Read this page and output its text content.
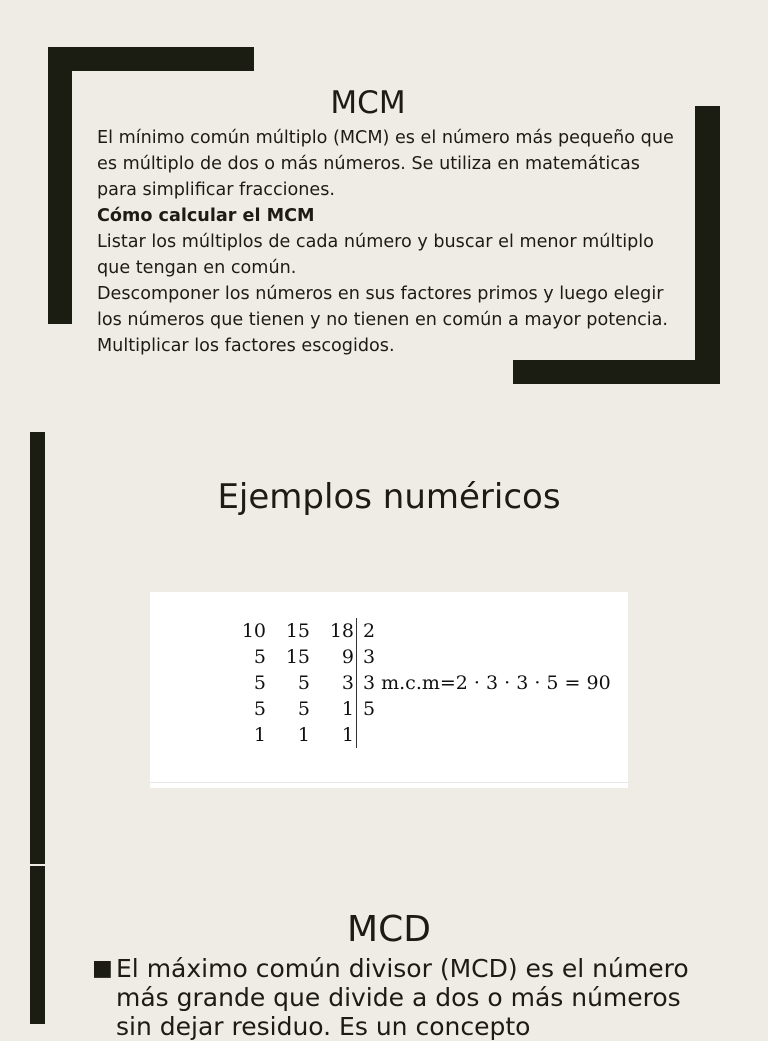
MCM

El mínimo común múltiplo (MCM) es el número más pequeño que es múltiplo de dos o más números. Se utiliza en matemáticas para simplificar fracciones.

Cómo calcular el MCM

Listar los múltiplos de cada número y buscar el menor múltiplo que tengan en común.

Descomponer los números en sus factores primos y luego elegir los números que tienen y no tienen en común a mayor potencia.

Multiplicar los factores escogidos.

Ejemplos numéricos
10	15	18	2
5	15	9	3
5	5	3	3 m.c.m=2 · 3 · 3 · 5 = 90
5	5	1	5
1	1	1	
MCD
■ El máximo común divisor (MCD) es el número más grande que divide a dos o más números sin dejar residuo. Es un concepto
